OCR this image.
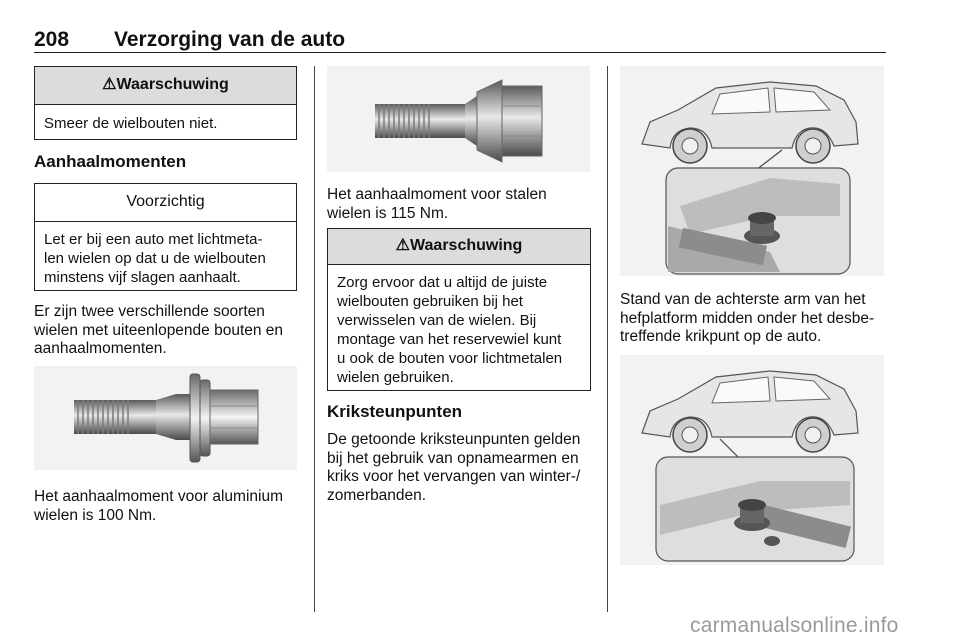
208 Verzorging van de auto
⚠Waarschuwing
Smeer de wielbouten niet.
Aanhaalmomenten
Voorzichtig
Let er bij een auto met lichtmeta-
len wielen op dat u de wielbouten
minstens vijf slagen aanhaalt.
Er zijn twee verschillende soorten
wielen met uiteenlopende bouten en
aanhaalmomenten.
Het aanhaalmoment voor aluminium
wielen is 100 Nm.
Het aanhaalmoment voor stalen
wielen is 115 Nm.
⚠Waarschuwing
Zorg ervoor dat u altijd de juiste
wielbouten gebruiken bij het
verwisselen van de wielen. Bij
montage van het reservewiel kunt
u ook de bouten voor lichtmetalen
wielen gebruiken.
Kriksteunpunten
De getoonde kriksteunpunten gelden
bij het gebruik van opnamearmen en
kriks voor het vervangen van winter-/
zomerbanden.
Stand van de achterste arm van het
hefplatform midden onder het desbe-
treffende krikpunt op de auto.
carmanualsonline.info
